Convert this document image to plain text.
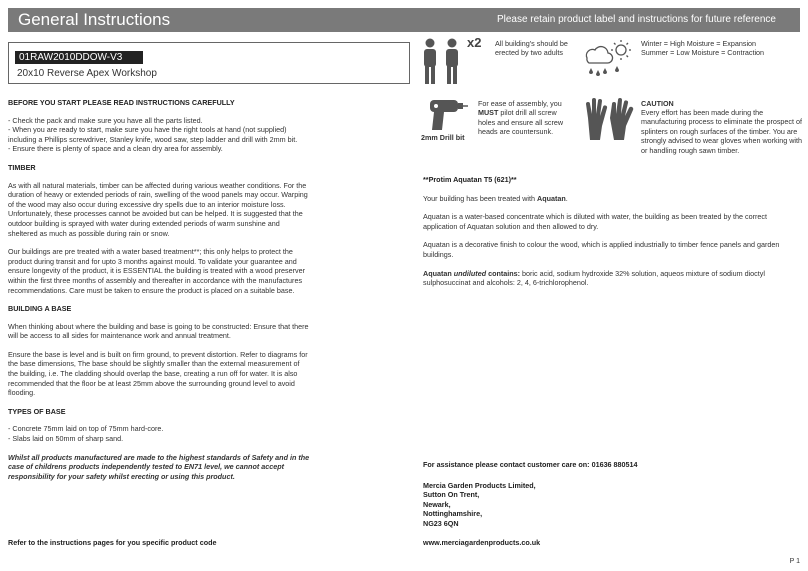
General Instructions	Please retain product label and instructions for future reference
01RAW2010DDOW-V3
20x10 Reverse Apex Workshop

BEFORE YOU START PLEASE READ INSTRUCTIONS CAREFULLY

- Check the pack and make sure you have all the parts listed.
- When you are ready to start, make sure you have the right tools at hand (not supplied) including a Phillips screwdriver, Stanley knife, wood saw, step ladder and drill with 2mm bit.

- Ensure there is plenty of space and a clean dry area for assembly.

TIMBER

As with all natural materials, timber can be affected during various weather conditions. For the duration of heavy or extended periods of rain, swelling of the wood panels may occur. Warping of the wood may also occur during excessive dry spells due to an interior moisture loss. Unfortunately, these processes cannot be avoided but can be helped. It is suggested that the outdoor building is sprayed with water during extended periods of warm sunshine and sheltered as much as possible during rain or snow.

Our buildings are pre treated with a water based treatment**; this only helps to protect the product during transit and for upto 3 months against mould. To validate your guarantee and ensure longevity of the product, it is ESSENTIAL the building is treated with a wood preserver within the first three months of assembly and thereafter in accordance with the manufactures recommendations. Care must be taken to ensure the product is placed on a suitable base.

BUILDING A BASE

When thinking about where the building and base is going to be constructed: Ensure that there will be access to all sides for maintenance work and annual treatment.

Ensure the base is level and is built on firm ground, to prevent distortion. Refer to diagrams for the base dimensions, The base should be slightly smaller than the external measurement of the building, i.e. The cladding should overlap the base, creating a run off for water. It is also recommended that the floor be at least 25mm above the surrounding ground level to avoid flooding.

TYPES OF BASE

- Concrete 75mm laid on top of 75mm hard-core.

- Slabs laid on 50mm of sharp sand.

Whilst all products manufactured are made to the highest standards of Safety and in the case of childrens products independently tested to EN71 level, we cannot accept responsibility for your safety whilst erecting or using this product.

Refer to the instructions pages for you specific product code
x2 All building's should be erected by two adults
Winter = High Moisture = Expansion
Summer = Low Moisture = Contraction
2mm Drill bit
For ease of assembly, you MUST pilot drill all screw holes and ensure all screw heads are countersunk.
CAUTION
Every effort has been made during the manufacturing process to eliminate the prospect of splinters on rough surfaces of the timber. You are strongly advised to wear gloves when working with or handling rough sawn timber.

**Protim Aquatan T5 (621)**

Your building has been treated with Aquatan.

Aquatan is a water-based concentrate which is diluted with water, the building as been treated by the correct application of Aquatan solution and then allowed to dry.

Aquatan is a decorative finish to colour the wood, which is applied industrially to timber fence panels and garden buildings.

Aquatan undiluted contains: boric acid, sodium hydroxide 32% solution, aqueos mixture of sodium dioctyl sulphosuccinat and alcohols: 2, 4, 6-trichlorophenol.

For assistance please contact customer care on: 01636 880514

Mercia Garden Products Limited,
Sutton On Trent,
Newark,
Nottinghamshire,
NG23 6QN
www.merciagardenproducts.co.uk
P 1
